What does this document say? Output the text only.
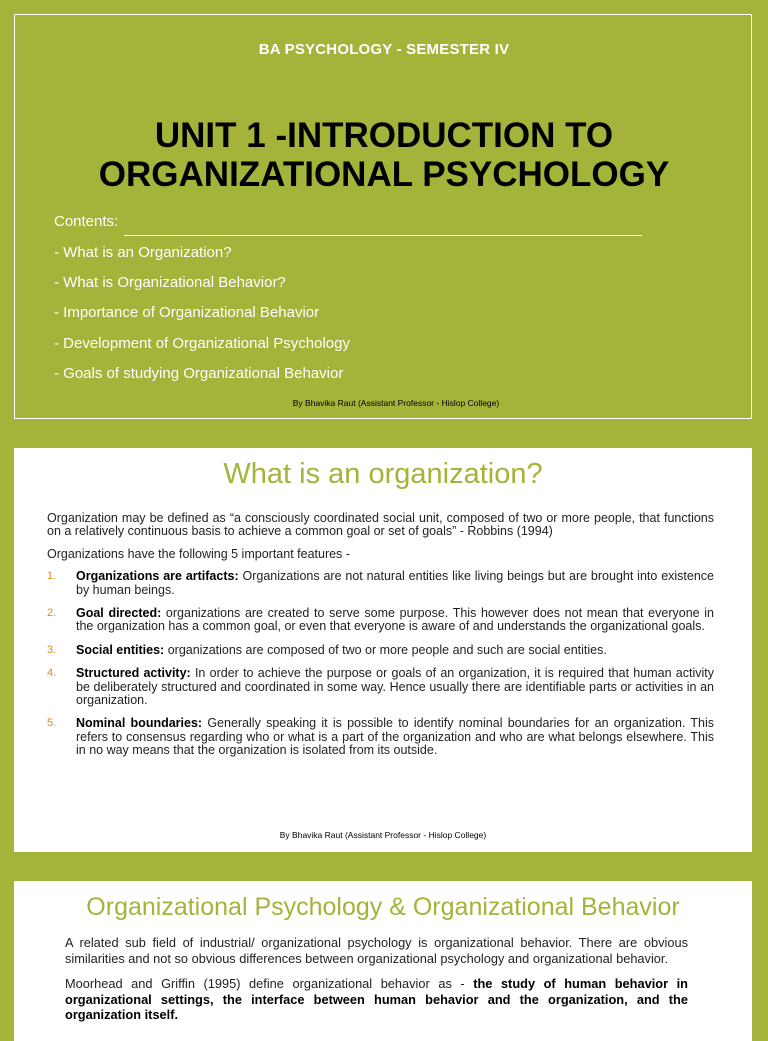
BA PSYCHOLOGY - SEMESTER IV
UNIT 1 -INTRODUCTION TO
ORGANIZATIONAL PSYCHOLOGY
Contents:
- What is an Organization?
- What is Organizational Behavior?
- Importance of Organizational Behavior
- Development of Organizational Psychology
- Goals of studying Organizational Behavior
By Bhavika Raut (Assistant Professor - Hislop College)
What is an organization?

Organization may be defined as “a consciously coordinated social unit, composed of two or more people, that functions on a relatively continuous basis to achieve a common goal or set of goals” - Robbins (1994)

Organizations have the following 5 important features -

1. Organizations are artifacts: Organizations are not natural entities like living beings but are brought into existence by human beings.
2. Goal directed: organizations are created to serve some purpose. This however does not mean that everyone in the organization has a common goal, or even that everyone is aware of and understands the organizational goals.
3. Social entities: organizations are composed of two or more people and such are social entities.
4. Structured activity: In order to achieve the purpose or goals of an organization, it is required that human activity be deliberately structured and coordinated in some way. Hence usually there are identifiable parts or activities in an organization.
5. Nominal boundaries: Generally speaking it is possible to identify nominal boundaries for an organization. This refers to consensus regarding who or what is a part of the organization and who are what belongs elsewhere. This in no way means that the organization is isolated from its outside.
By Bhavika Raut (Assistant Professor - Hislop College)
Organizational Psychology & Organizational Behavior

A related sub field of industrial/ organizational psychology is organizational behavior. There are obvious similarities and not so obvious differences between organizational psychology and organizational behavior.

Moorhead and Griffin (1995) define organizational behavior as - the study of human behavior in organizational settings, the interface between human behavior and the organization, and the organization itself.
